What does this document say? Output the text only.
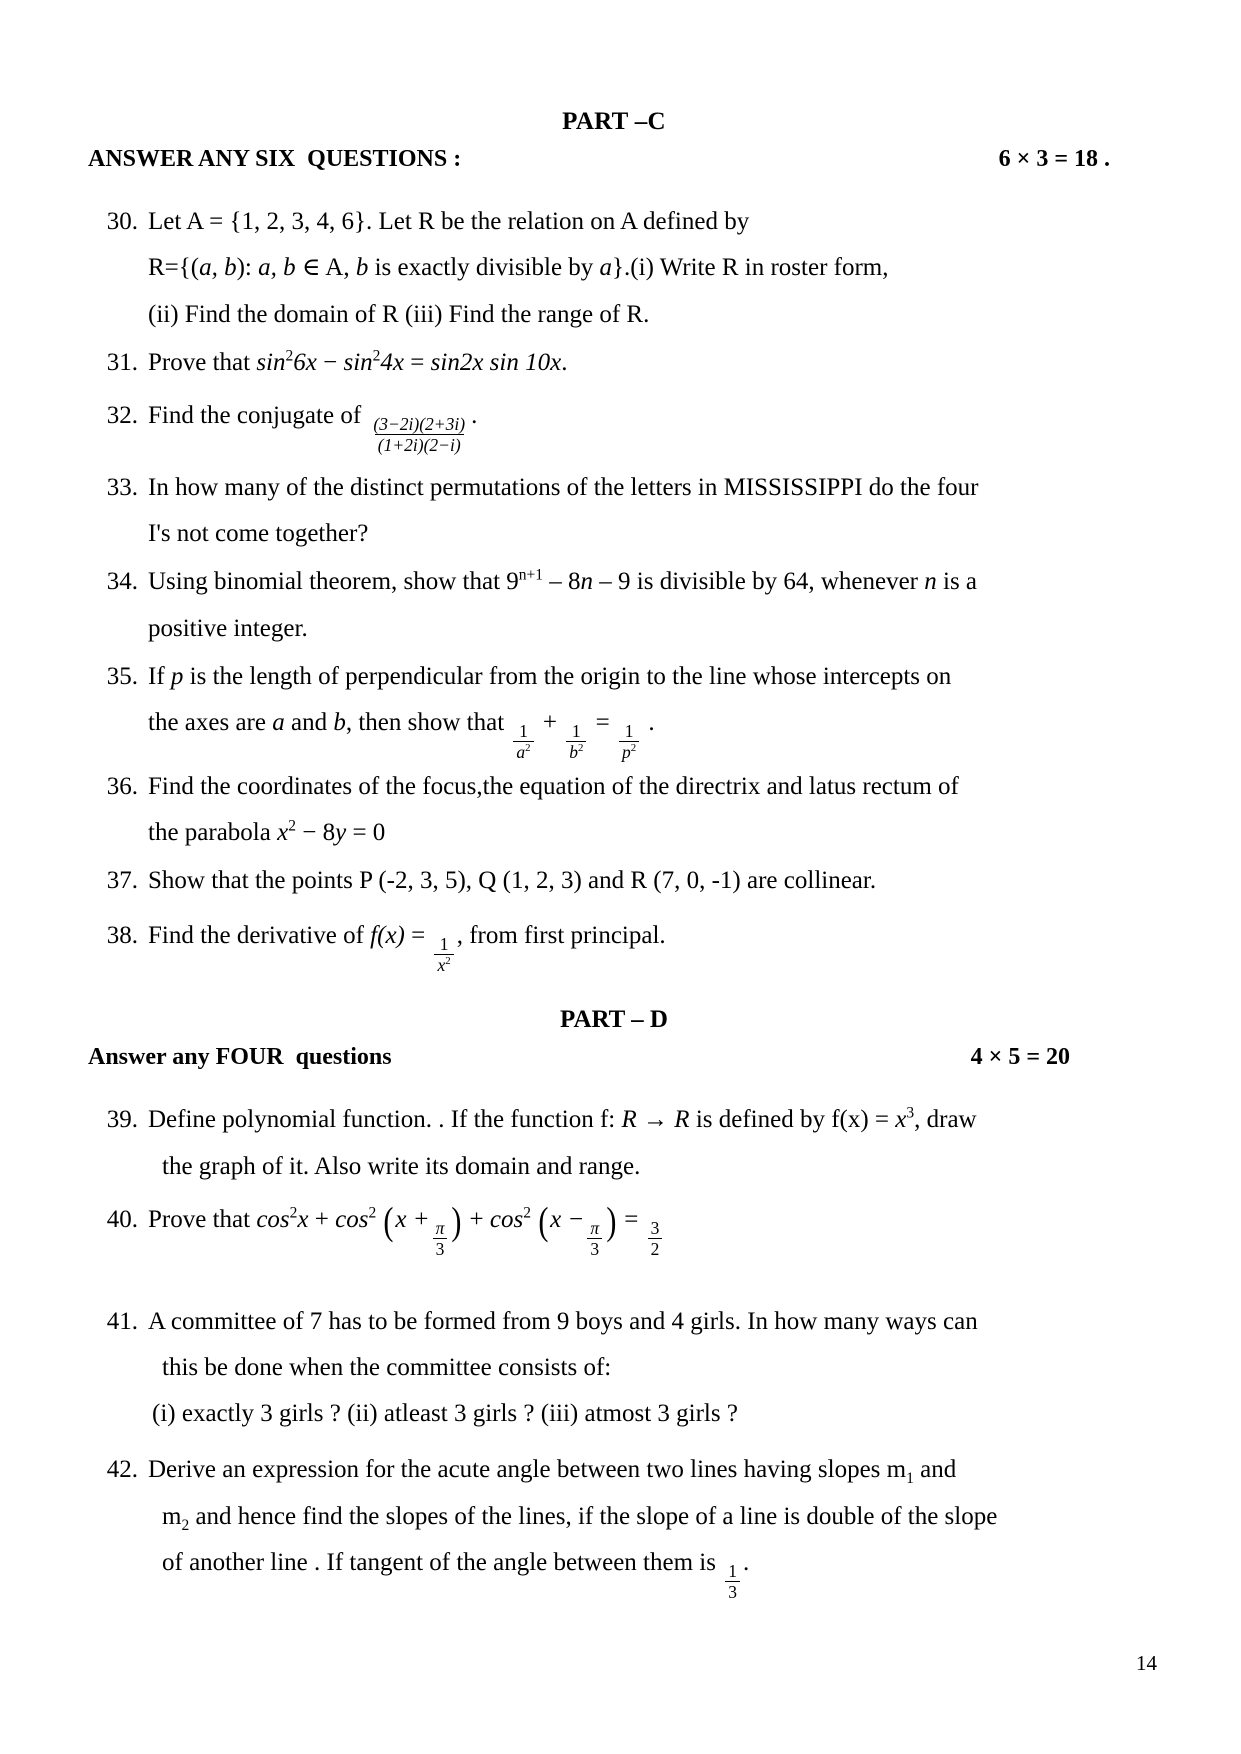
PART –C
ANSWER ANY SIX  QUESTIONS :	6 × 3 = 18 .
30. Let A = {1, 2, 3, 4, 6}. Let R be the relation on A defined by
R={(a, b): a, b ∈ A, b is exactly divisible by a}.(i) Write R in roster form,
(ii) Find the domain of R (iii) Find the range of R.
31. Prove that $\sin^26x - \sin^24x = \sin 2x$ sin 10x.
32. Find the conjugate of $\frac{(3-2i)(2+3i)}{(1+2i)(2-i)}$ .
33. In how many of the distinct permutations of the letters in MISSISSIPPI do the four
I's not come together?
34. Using binomial theorem, show that $9^{n+1} - 8n - 9$ is divisible by 64, whenever n is a
positive integer.
35. If p is the length of perpendicular from the origin to the line whose intercepts on
the axes are a and b, then show that $\frac{1}{a^2} + \frac{1}{b^2} = \frac{1}{p^2}$ .
36. Find the coordinates of the focus,the equation of the directrix and latus rectum of
the parabola $x^2 - 8y = 0$
37. Show that the points P (-2, 3, 5), Q (1, 2, 3) and R (7, 0, -1) are collinear.
38. Find the derivative of $f(x) = \frac{1}{x^2}$ , from first principal.
PART – D
Answer any FOUR  questions	4 × 5 = 20
39. Define polynomial function. . If the function f: R → R is defined by $f(x) = x^3$, draw
the graph of it. Also write its domain and range.
40. Prove that $\cos^2x + \cos^2 (x + \frac{\pi}{3}$ ) + $\cos^2 (x - \frac{\pi}{3}$ ) = $\frac{3}{2}$
41. A committee of 7 has to be formed from 9 boys and 4 girls. In how many ways can
this be done when the committee consists of:
(i) exactly 3 girls ? (ii) atleast 3 girls ? (iii) atmost 3 girls ?
42. Derive an expression for the acute angle between two lines having slopes $m_1$ and
$m_2$ and hence find the slopes of the lines, if the slope of a line is double of the slope
of another line . If tangent of the angle between them is $\frac{1}{3}$ .
14
